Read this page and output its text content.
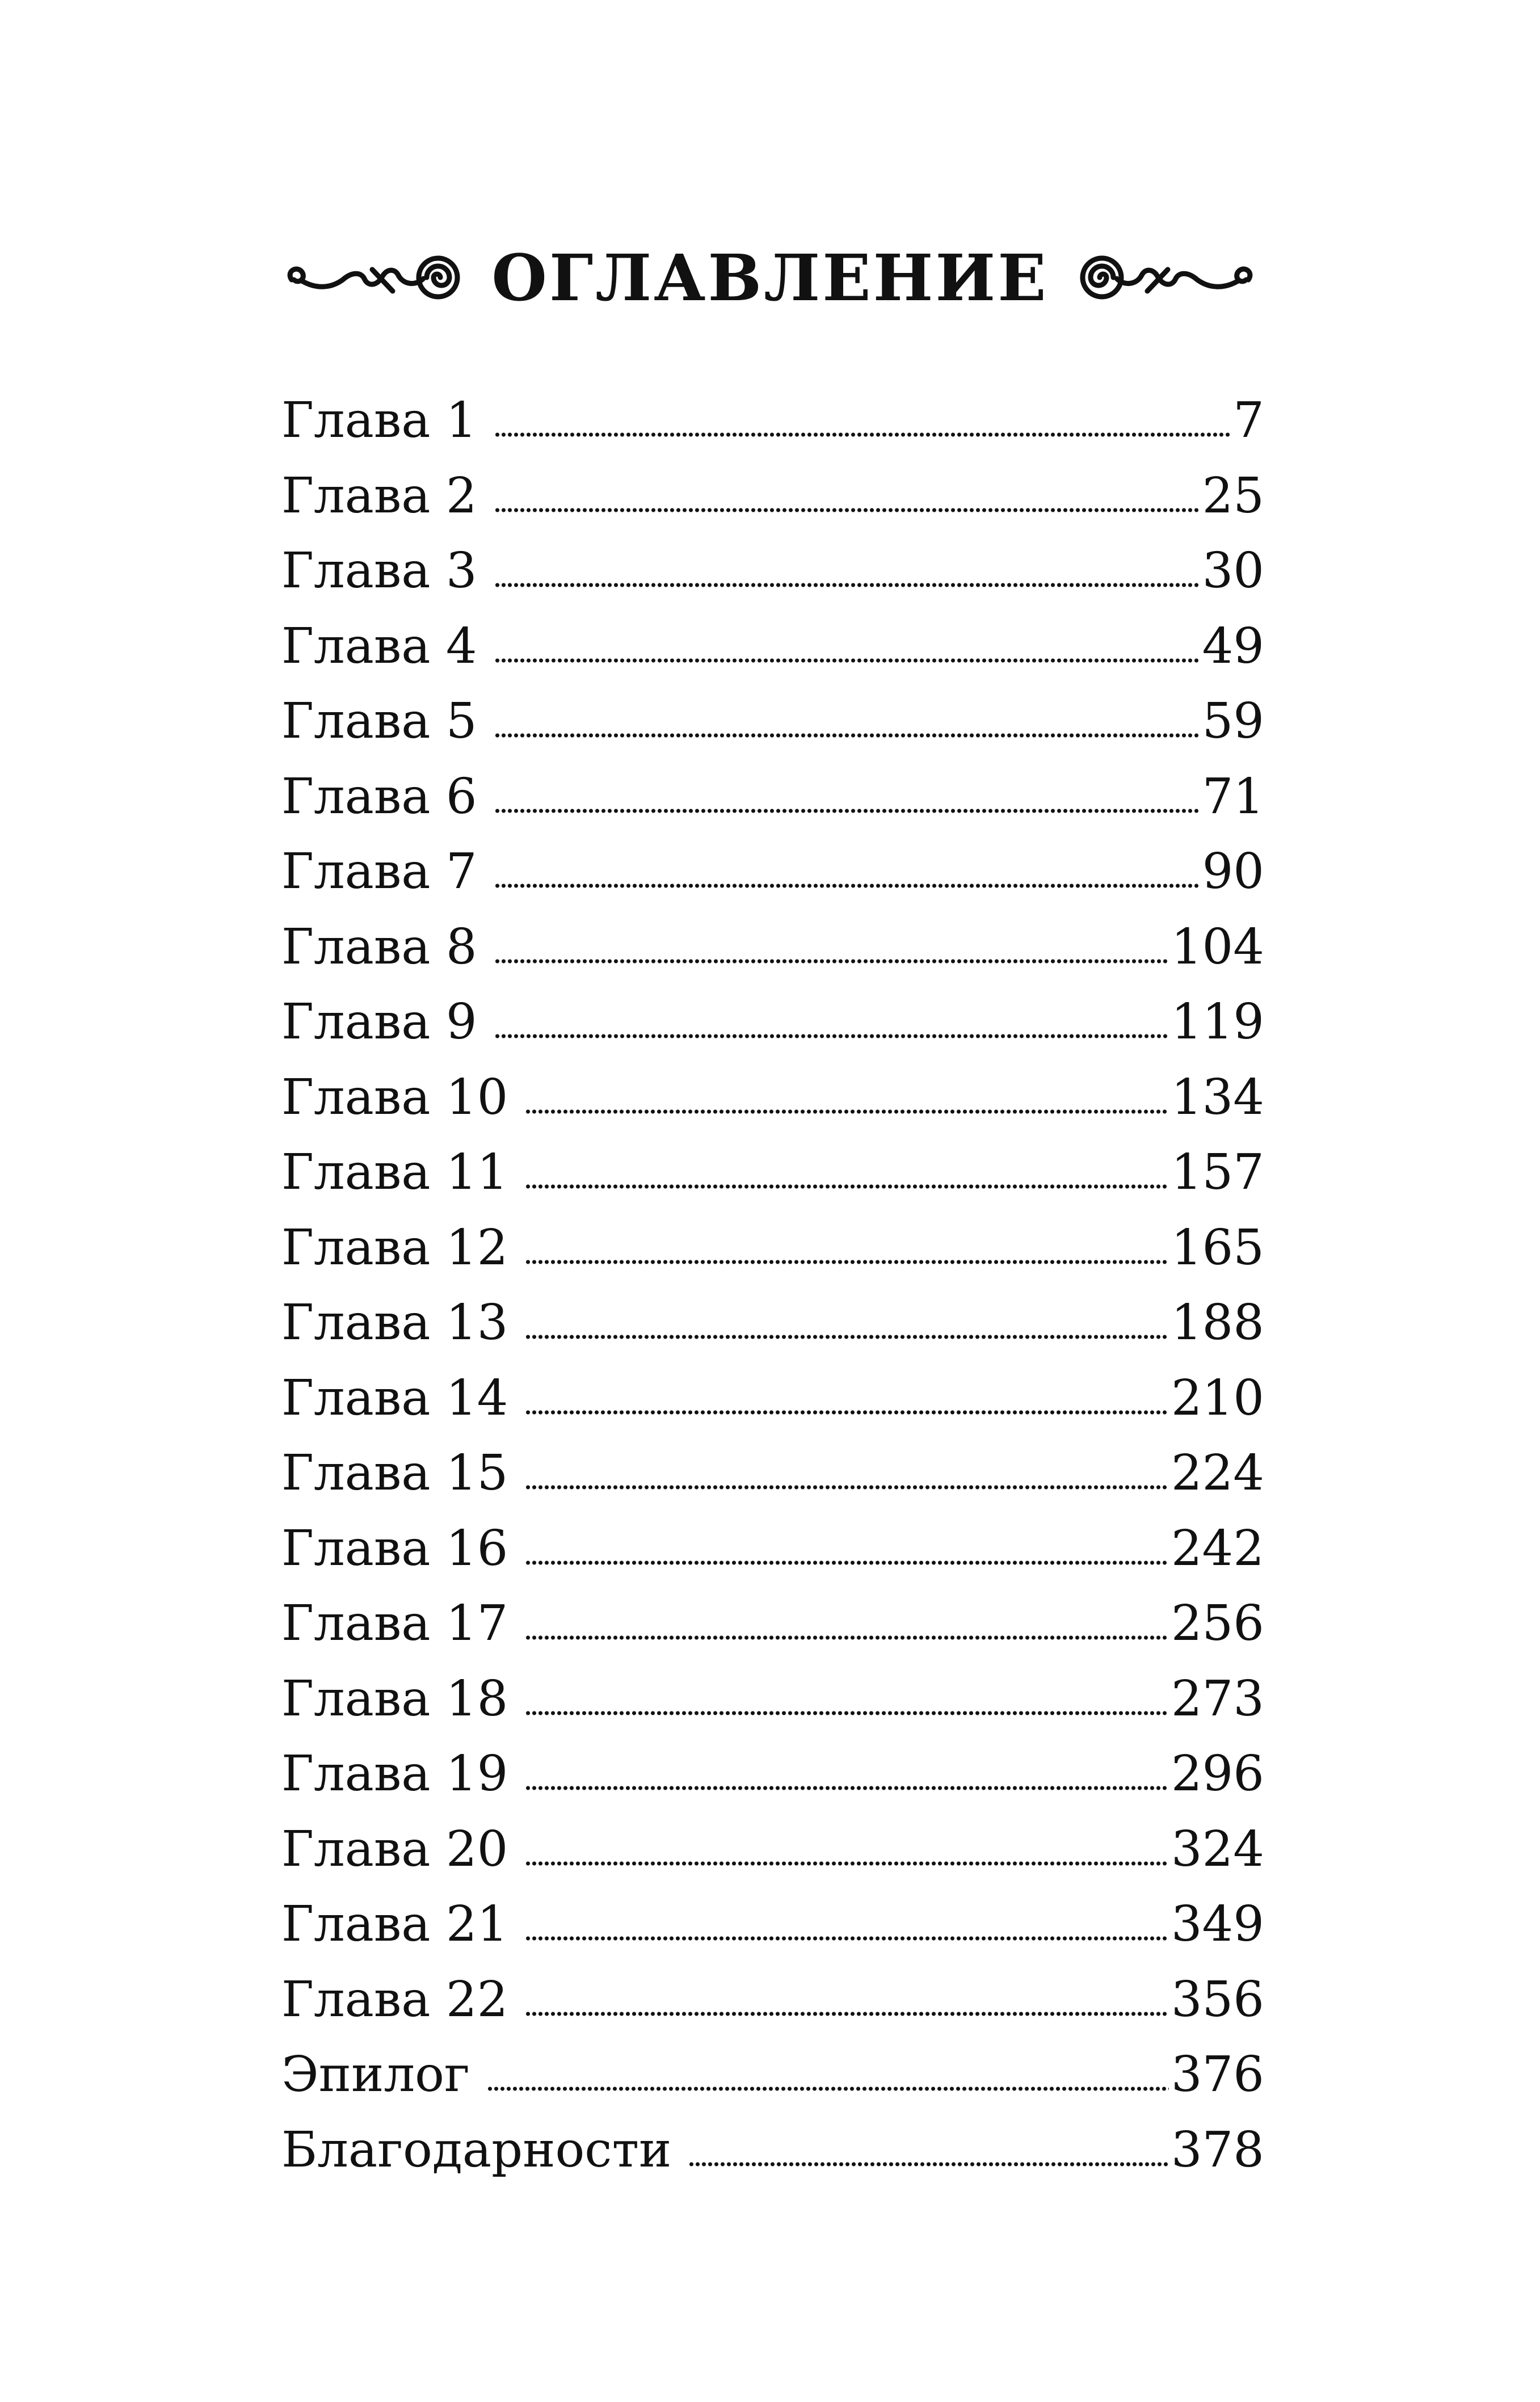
ОГЛАВЛЕНИЕ
Глава 1	7
Глава 2	25
Глава 3	30
Глава 4	49
Глава 5	59
Глава 6	71
Глава 7	90
Глава 8	104
Глава 9	119
Глава 10	134
Глава 11	157
Глава 12	165
Глава 13	188
Глава 14	210
Глава 15	224
Глава 16	242
Глава 17	256
Глава 18	273
Глава 19	296
Глава 20	324
Глава 21	349
Глава 22	356
Эпилог	376
Благодарности	378
